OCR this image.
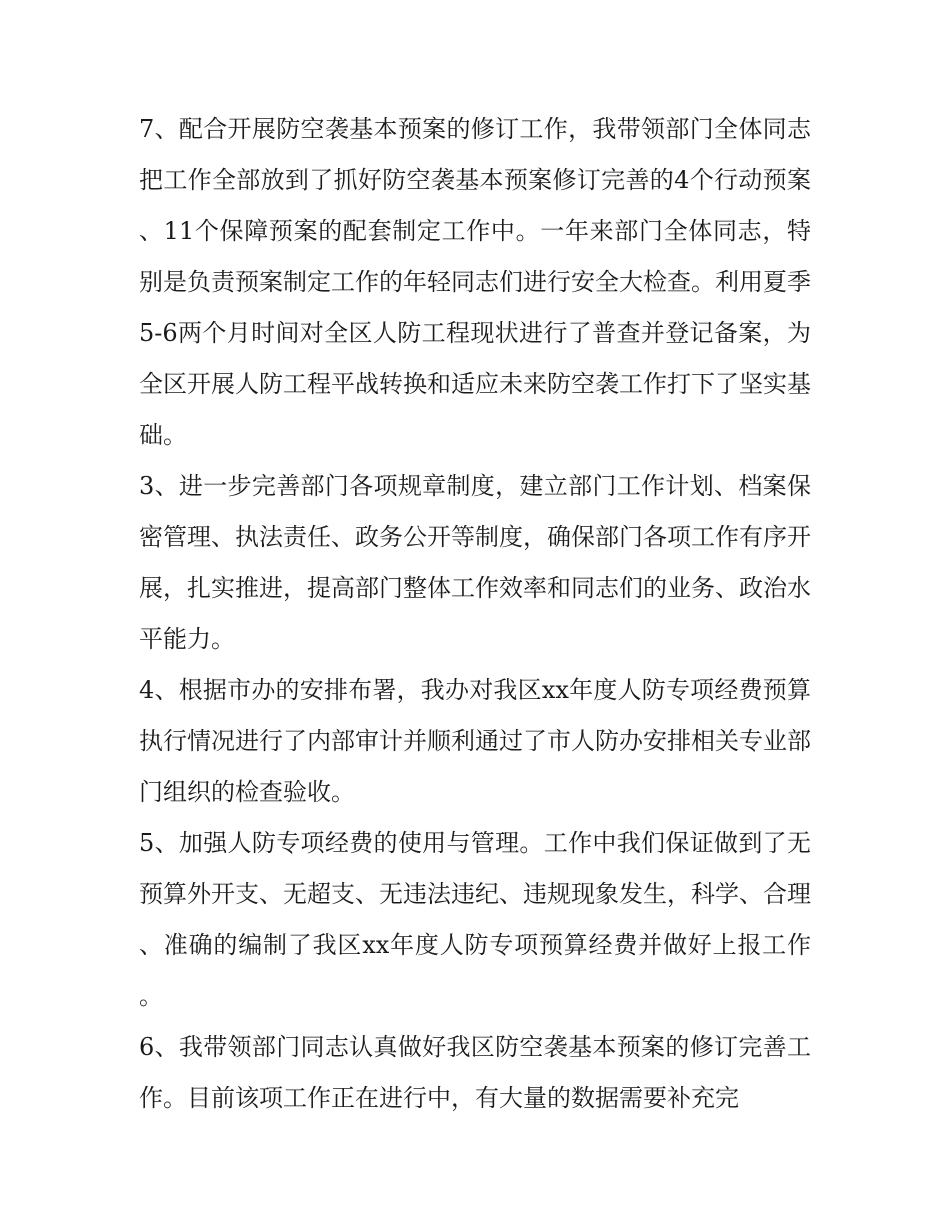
7、配合开展防空袭基本预案的修订工作，我带领部门全体同志把工作全部放到了抓好防空袭基本预案修订完善的4个行动预案、11个保障预案的配套制定工作中。一年来部门全体同志，特别是负责预案制定工作的年轻同志们进行安全大检查。利用夏季5-6两个月时间对全区人防工程现状进行了普查并登记备案，为全区开展人防工程平战转换和适应未来防空袭工作打下了坚实基础。

3、进一步完善部门各项规章制度，建立部门工作计划、档案保密管理、执法责任、政务公开等制度，确保部门各项工作有序开展，扎实推进，提高部门整体工作效率和同志们的业务、政治水平能力。

4、根据市办的安排布署，我办对我区xx年度人防专项经费预算执行情况进行了内部审计并顺利通过了市人防办安排相关专业部门组织的检查验收。

5、加强人防专项经费的使用与管理。工作中我们保证做到了无预算外开支、无超支、无违法违纪、违规现象发生，科学、合理、准确的编制了我区xx年度人防专项预算经费并做好上报工作。

6、我带领部门同志认真做好我区防空袭基本预案的修订完善工作。目前该项工作正在进行中，有大量的数据需要补充完
